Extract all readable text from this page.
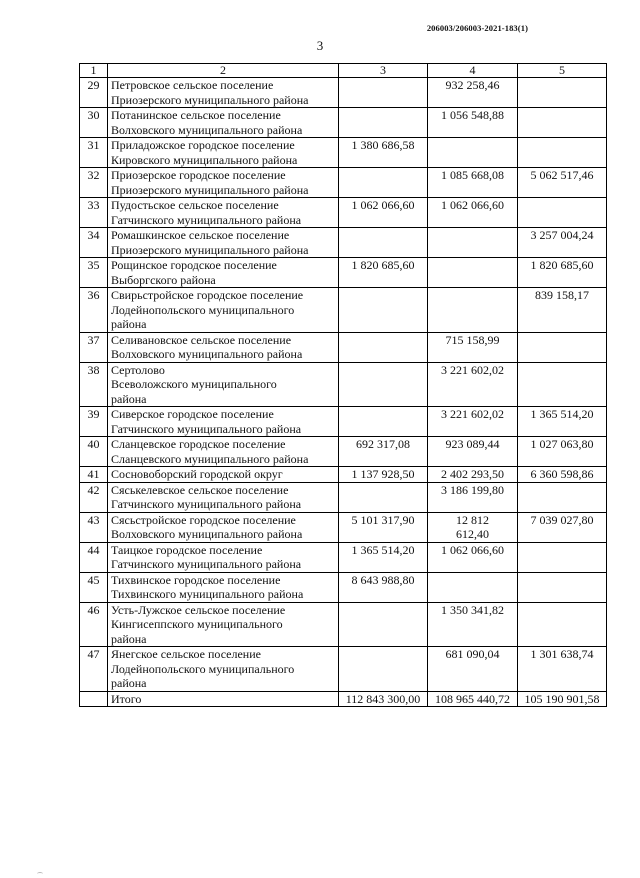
206003/206003-2021-183(1)
3
1	2	3	4	5
29	Петровское сельское поселение
Приозерского муниципального района		932 258,46	
30	Потанинское сельское поселение
Волховского муниципального района		1 056 548,88	
31	Приладожское городское поселение
Кировского муниципального района	1 380 686,58		
32	Приозерское городское поселение
Приозерского муниципального района		1 085 668,08	5 062 517,46
33	Пудостьское сельское поселение
Гатчинского муниципального района	1 062 066,60	1 062 066,60	
34	Ромашкинское сельское поселение
Приозерского муниципального района			3 257 004,24
35	Рощинское городское поселение
Выборгского района	1 820 685,60		1 820 685,60
36	Свирьстройское городское поселение
Лодейнопольского муниципального
района			839 158,17
37	Селивановское сельское поселение
Волховского муниципального района		715 158,99	
38	Сертолово
Всеволожского муниципального
района		3 221 602,02	
39	Сиверское городское поселение
Гатчинского муниципального района		3 221 602,02	1 365 514,20
40	Сланцевское городское поселение
Сланцевского муниципального района	692 317,08	923 089,44	1 027 063,80
41	Сосновоборский городской округ	1 137 928,50	2 402 293,50	6 360 598,86
42	Сяськелевское сельское поселение
Гатчинского муниципального района		3 186 199,80	
43	Сясьстройское городское поселение
Волховского муниципального района	5 101 317,90	12 812
612,40	7 039 027,80
44	Таицкое городское поселение
Гатчинского муниципального района	1 365 514,20	1 062 066,60	
45	Тихвинское городское поселение
Тихвинского муниципального района	8 643 988,80		
46	Усть-Лужское сельское поселение
Кингисеппского муниципального
района		1 350 341,82	
47	Янегское сельское поселение
Лодейнопольского муниципального
района		681 090,04	1 301 638,74
	Итого	112 843 300,00	108 965 440,72	105 190 901,58
